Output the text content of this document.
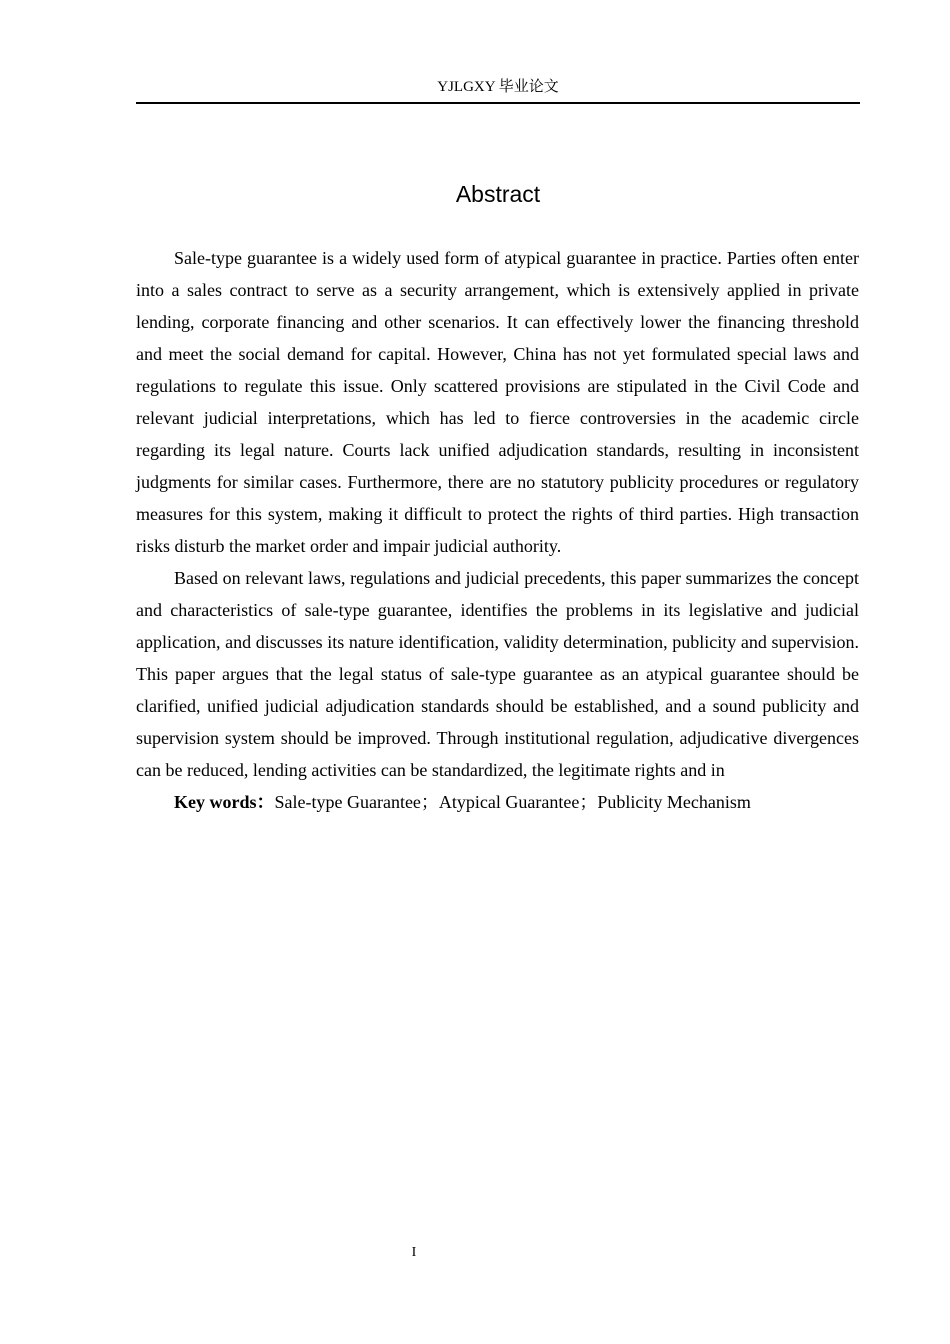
YJLGXY 毕业论文
Abstract

Sale-type guarantee is a widely used form of atypical guarantee in practice. Parties often enter into a sales contract to serve as a security arrangement, which is extensively applied in private lending, corporate financing and other scenarios. It can effectively lower the financing threshold and meet the social demand for capital. However, China has not yet formulated special laws and regulations to regulate this issue. Only scattered provisions are stipulated in the Civil Code and relevant judicial interpretations, which has led to fierce controversies in the academic circle regarding its legal nature. Courts lack unified adjudication standards, resulting in inconsistent judgments for similar cases. Furthermore, there are no statutory publicity procedures or regulatory measures for this system, making it difficult to protect the rights of third parties. High transaction risks disturb the market order and impair judicial authority.

Based on relevant laws, regulations and judicial precedents, this paper summarizes the concept and characteristics of sale-type guarantee, identifies the problems in its legislative and judicial application, and discusses its nature identification, validity determination, publicity and supervision. This paper argues that the legal status of sale-type guarantee as an atypical guarantee should be clarified, unified judicial adjudication standards should be established, and a sound publicity and supervision system should be improved. Through institutional regulation, adjudicative divergences can be reduced, lending activities can be standardized, the legitimate rights and in

Key words：Sale-type Guarantee；Atypical Guarantee；Publicity Mechanism

I
